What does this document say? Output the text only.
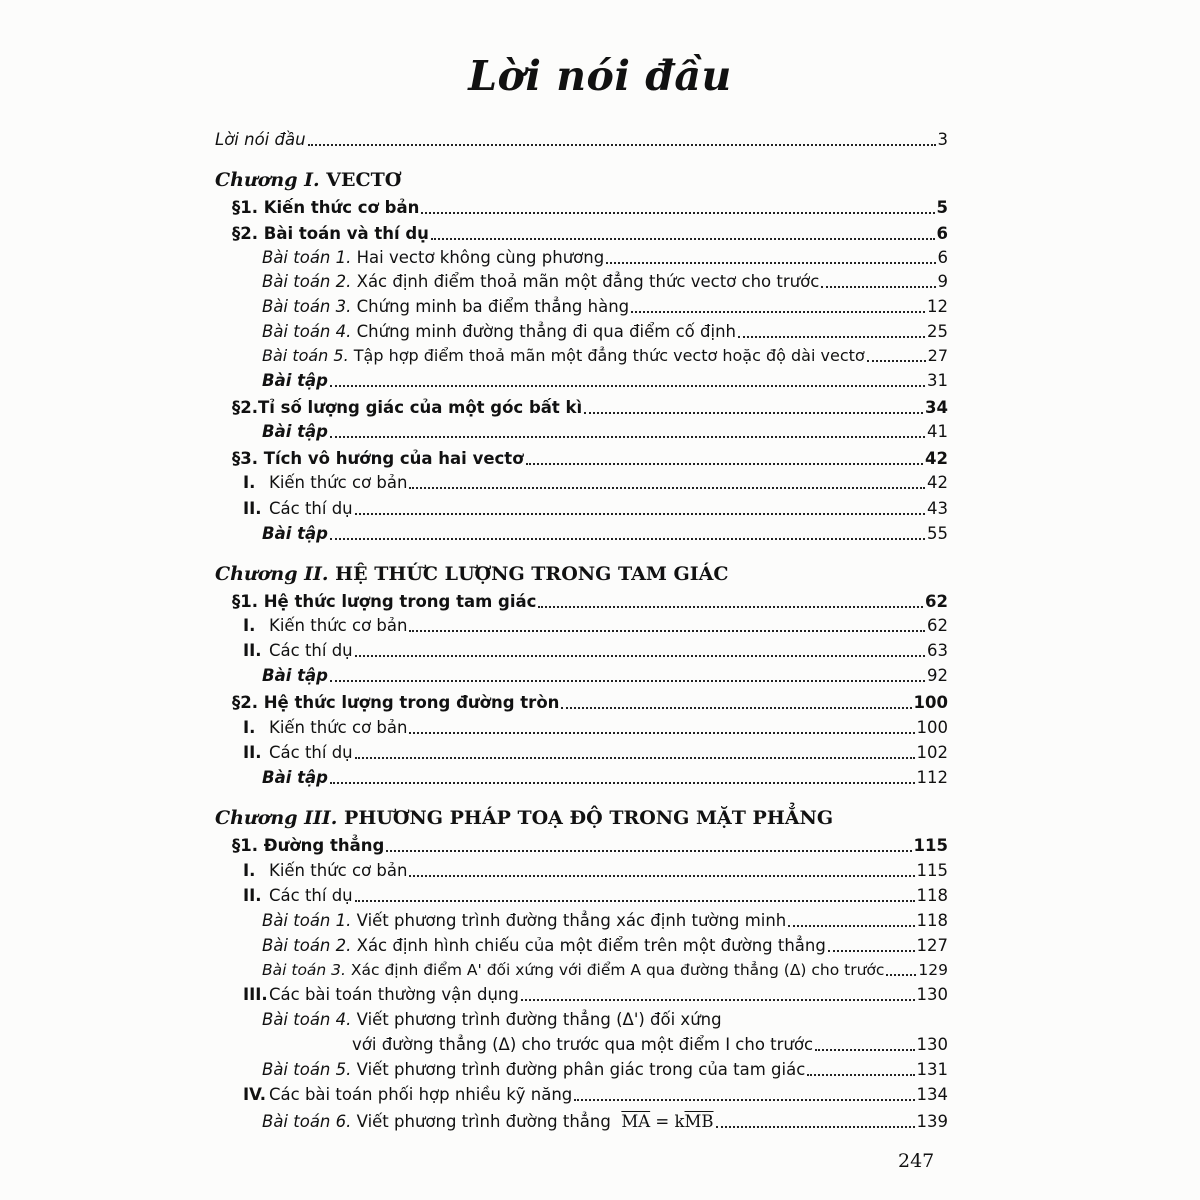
Lời nói đầu
Lời nói đầu	3
Chương I. VECTƠ
§1. Kiến thức cơ bản	5
§2. Bài toán và thí dụ	6
Bài toán 1. Hai vectơ không cùng phương	6
Bài toán 2. Xác định điểm thoả mãn một đẳng thức vectơ cho trước	9
Bài toán 3. Chứng minh ba điểm thẳng hàng	12
Bài toán 4. Chứng minh đường thẳng đi qua điểm cố định	25
Bài toán 5. Tập hợp điểm thoả mãn một đẳng thức vectơ hoặc độ dài vectơ	27
Bài tập	31
§2.Tỉ số lượng giác của một góc bất kì	34
Bài tập	41
§3. Tích vô hướng của hai vectơ	42
I. Kiến thức cơ bản	42
II. Các thí dụ	43
Bài tập	55
Chương II. HỆ THỨC LƯỢNG TRONG TAM GIÁC
§1. Hệ thức lượng trong tam giác	62
I. Kiến thức cơ bản	62
II. Các thí dụ	63
Bài tập	92
§2. Hệ thức lượng trong đường tròn	100
I. Kiến thức cơ bản	100
II. Các thí dụ	102
Bài tập	112
Chương III. PHƯƠNG PHÁP TOẠ ĐỘ TRONG MẶT PHẲNG
§1. Đường thẳng	115
I. Kiến thức cơ bản	115
II. Các thí dụ	118
Bài toán 1. Viết phương trình đường thẳng xác định tường minh	118
Bài toán 2. Xác định hình chiếu của một điểm trên một đường thẳng	127
Bài toán 3. Xác định điểm A' đối xứng với điểm A qua đường thẳng (Δ) cho trước 129
III.Các bài toán thường vận dụng	130
Bài toán 4. Viết phương trình đường thẳng (Δ') đối xứng
với đường thẳng (Δ) cho trước qua một điểm I cho trước	130
Bài toán 5. Viết phương trình đường phân giác trong của tam giác	131
IV. Các bài toán phối hợp nhiều kỹ năng	134
Bài toán 6. Viết phương trình đường thẳng $\overline{MA} = k\overline{MB}$	139
247
